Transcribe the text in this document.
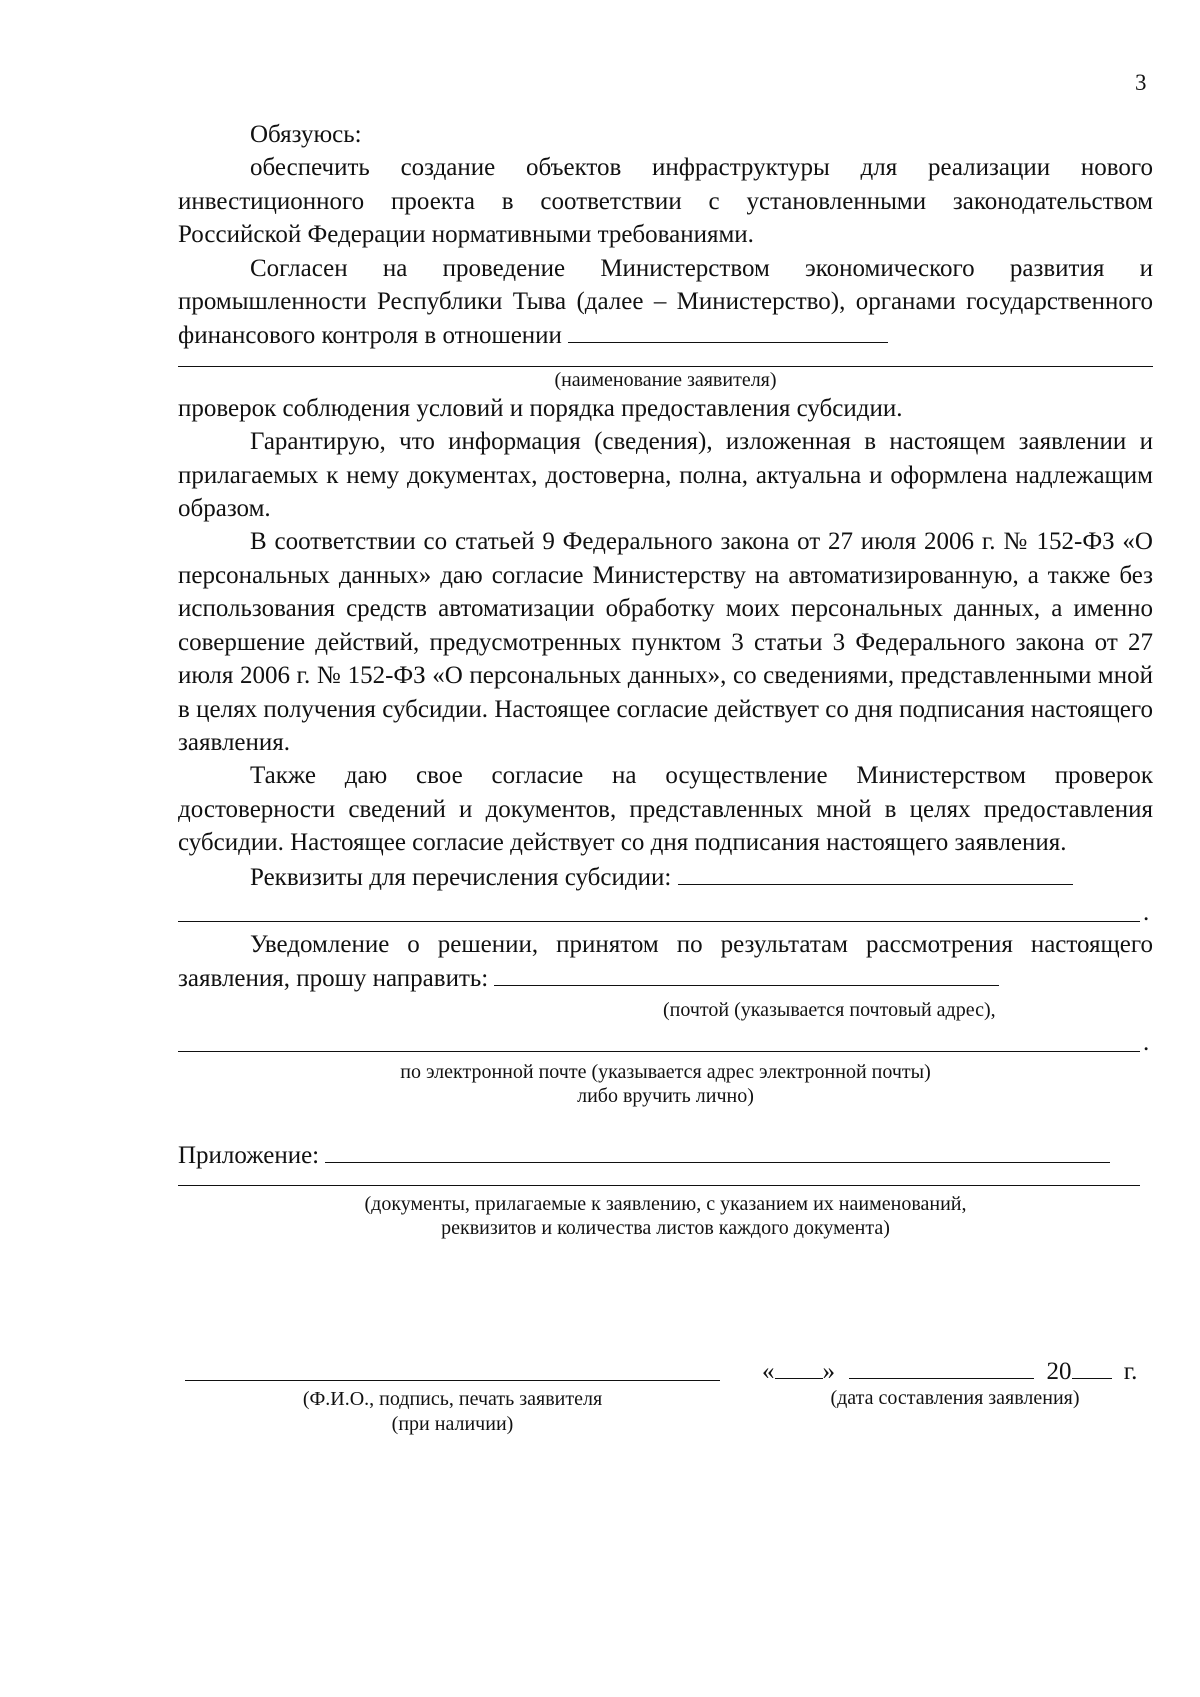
3

Обязуюсь:

обеспечить создание объектов инфраструктуры для реализации нового инвестиционного проекта в соответствии с установленными законодательством Российской Федерации нормативными требованиями.

Согласен на проведение Министерством экономического развития и промышленности Республики Тыва (далее – Министерство), органами государственного финансового контроля в отношении

(наименование заявителя)

проверок соблюдения условий и порядка предоставления субсидии.

Гарантирую, что информация (сведения), изложенная в настоящем заявлении и прилагаемых к нему документах, достоверна, полна, актуальна и оформлена надлежащим образом.

В соответствии со статьей 9 Федерального закона от 27 июля 2006 г. № 152-ФЗ «О персональных данных» даю согласие Министерству на автоматизированную, а также без использования средств автоматизации обработку моих персональных данных, а именно совершение действий, предусмотренных пунктом 3 статьи 3 Федерального закона от 27 июля 2006 г. № 152-ФЗ «О персональных данных», со сведениями, представленными мной в целях получения субсидии. Настоящее согласие действует со дня подписания настоящего заявления.

Также даю свое согласие на осуществление Министерством проверок достоверности сведений и документов, представленных мной в целях предоставления субсидии. Настоящее согласие действует со дня подписания настоящего заявления.

Реквизиты для перечисления субсидии:

.

Уведомление о решении, принятом по результатам рассмотрения настоящего заявления, прошу направить:

(почтой (указывается почтовый адрес),
.
по электронной почте (указывается адрес электронной почты)
либо вручить лично)

Приложение:

(документы, прилагаемые к заявлению, с указанием их наименований,
реквизитов и количества листов каждого документа)
(Ф.И.О., подпись, печать заявителя
(при наличии)
« »	20 г.
(дата составления заявления)
